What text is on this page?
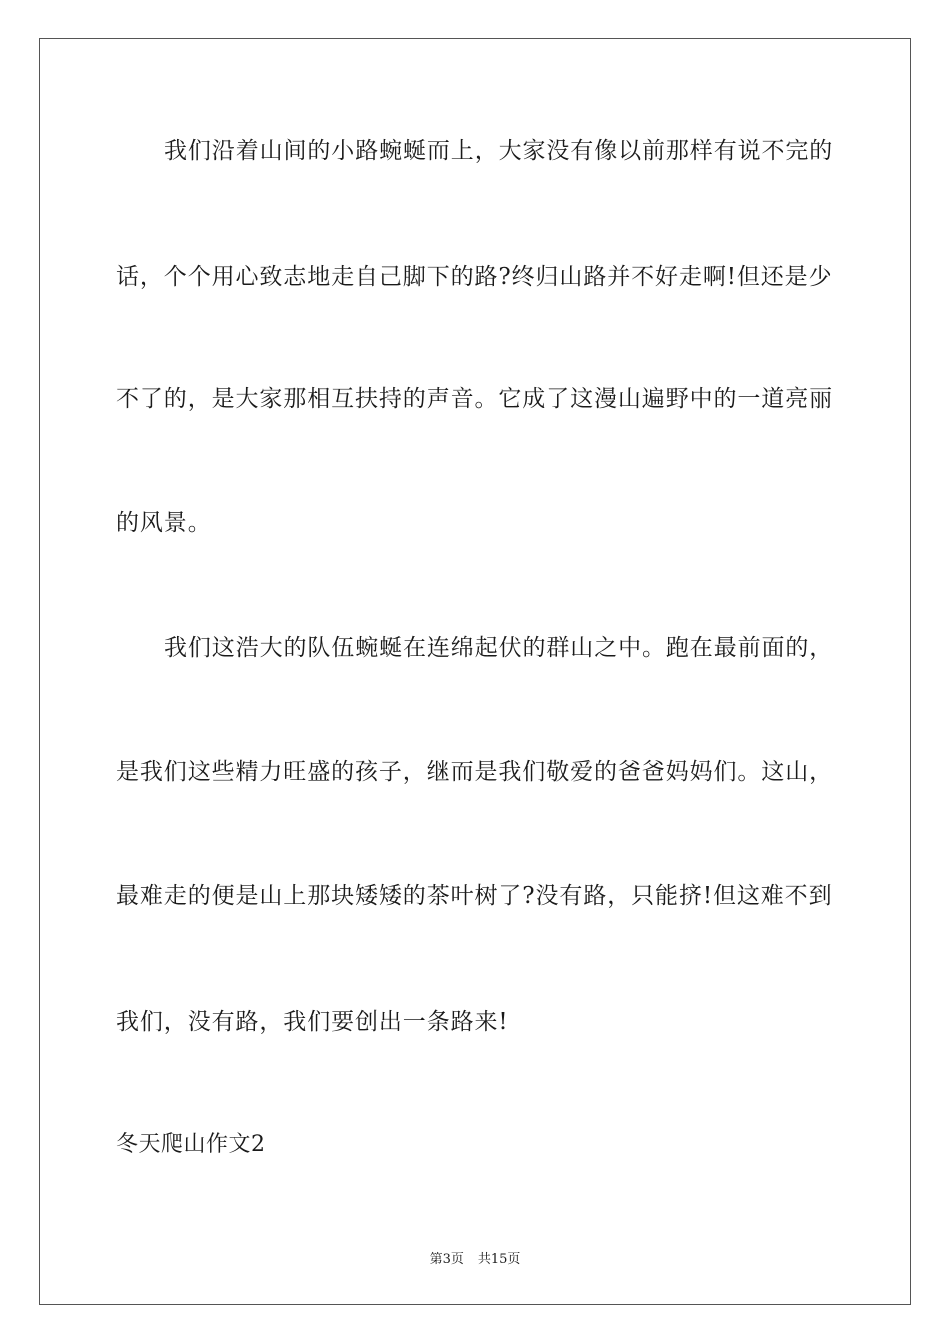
我们沿着山间的小路蜿蜒而上，大家没有像以前那样有说不完的
话，个个用心致志地走自己脚下的路?终归山路并不好走啊!但还是少
不了的，是大家那相互扶持的声音。它成了这漫山遍野中的一道亮丽
的风景。
我们这浩大的队伍蜿蜒在连绵起伏的群山之中。跑在最前面的，
是我们这些精力旺盛的孩子，继而是我们敬爱的爸爸妈妈们。这山，
最难走的便是山上那块矮矮的茶叶树了?没有路，只能挤!但这难不到
我们，没有路，我们要创出一条路来!
冬天爬山作文2
第3页 共15页
